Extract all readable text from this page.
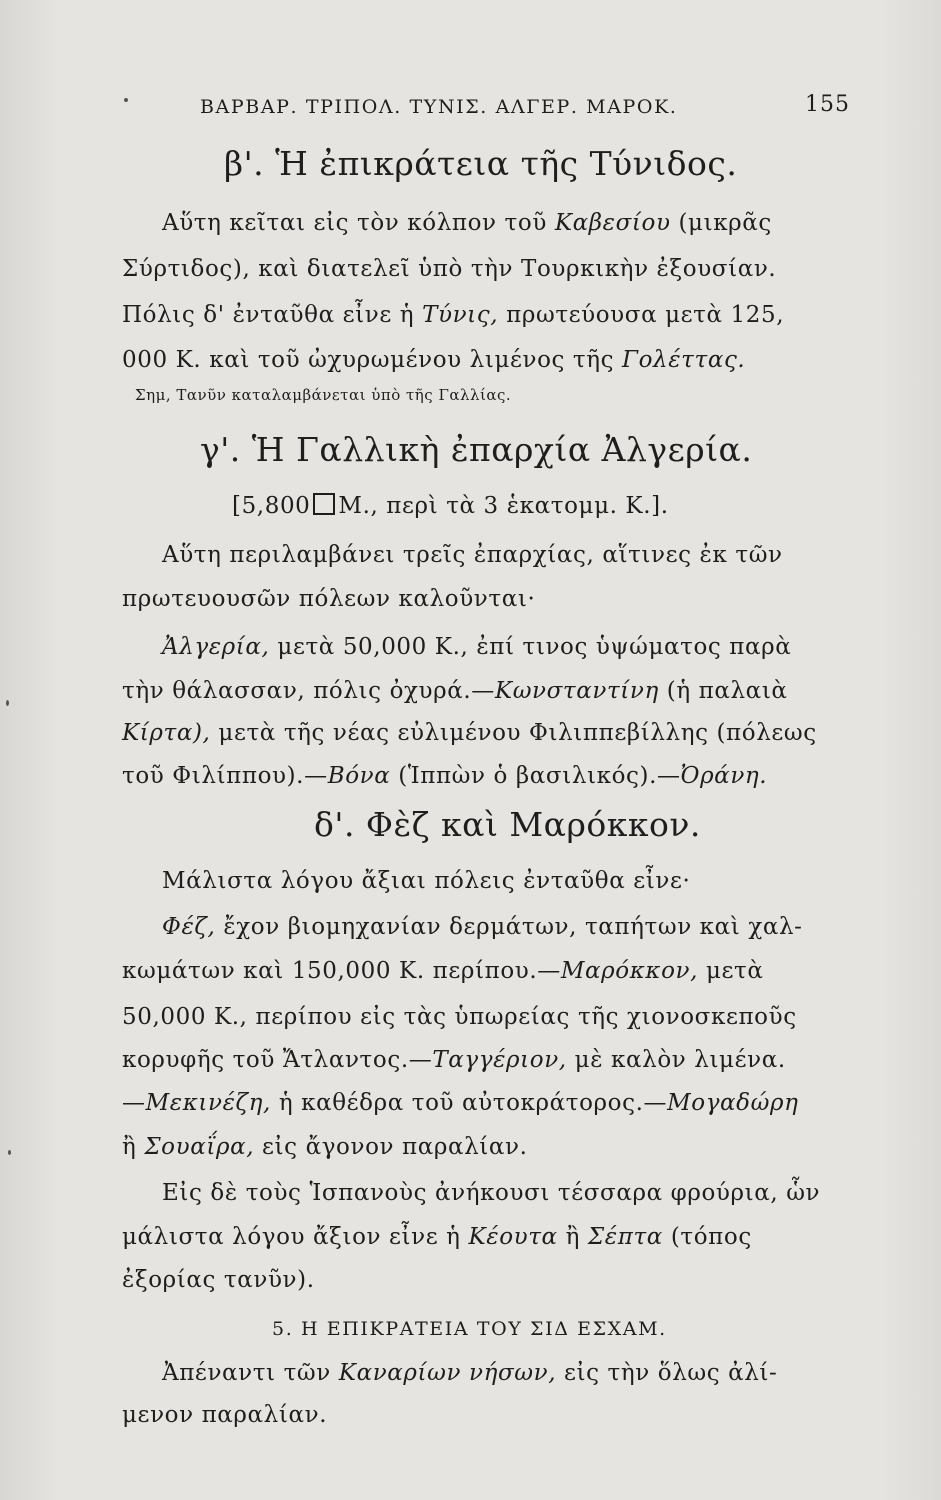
ΒΑΡΒΑΡ. ΤΡΙΠΟΛ. ΤΥΝΙΣ. ΑΛΓΕΡ. ΜΑΡΟΚ.	155
β'. Ἡ ἐπικράτεια τῆς Τύνιδος.
Αὕτη κεῖται εἰς τὸν κόλπον τοῦ Καβεσίου (μικρᾶς
Σύρτιδος), καὶ διατελεῖ ὑπὸ τὴν Τουρκικὴν ἐξουσίαν.
Πόλις δ' ἐνταῦθα εἶνε ἡ Τύνις, πρωτεύουσα μετὰ 125,
000 Κ. καὶ τοῦ ὠχυρωμένου λιμένος τῆς Γολέττας.
Σημ, Τανῦν καταλαμβάνεται ὑπὸ τῆς Γαλλίας.
γ'. Ἡ Γαλλικὴ ἐπαρχία Ἀλγερία.
[5,800 Μ., περὶ τὰ 3 ἑκατομμ. Κ.].
Αὕτη περιλαμβάνει τρεῖς ἐπαρχίας, αἵτινες ἐκ τῶν
πρωτευουσῶν πόλεων καλοῦνται·
Ἀλγερία, μετὰ 50,000 Κ., ἐπί τινος ὑψώματος παρὰ
τὴν θάλασσαν, πόλις ὀχυρά.—Κωνσταντίνη (ἡ παλαιὰ
Κίρτα), μετὰ τῆς νέας εὐλιμένου Φιλιππεβίλλης (πόλεως
τοῦ Φιλίππου).—Βόνα (Ἱππὼν ὁ βασιλικός).—Ὀράνη.
δ'. Φὲζ καὶ Μαρόκκον.
Μάλιστα λόγου ἄξιαι πόλεις ἐνταῦθα εἶνε·
Φέζ, ἔχον βιομηχανίαν δερμάτων, ταπήτων καὶ χαλ-
κωμάτων καὶ 150,000 Κ. περίπου.—Μαρόκκον, μετὰ
50,000 Κ., περίπου εἰς τὰς ὑπωρείας τῆς χιονοσκεποῦς
κορυφῆς τοῦ Ἄτλαντος.—Ταγγέριον, μὲ καλὸν λιμένα.
—Μεκινέζη, ἡ καθέδρα τοῦ αὐτοκράτορος.—Μογαδώρη
ἢ Σουαΐρα, εἰς ἄγονον παραλίαν.
Εἰς δὲ τοὺς Ἱσπανοὺς ἀνήκουσι τέσσαρα φρούρια, ὧν
μάλιστα λόγου ἄξιον εἶνε ἡ Κέουτα ἢ Σέπτα (τόπος
ἐξορίας τανῦν).
5. Η ΕΠΙΚΡΑΤΕΙΑ ΤΟΥ ΣΙΔ ΕΣΧΑΜ.
Ἀπέναντι τῶν Καναρίων νήσων, εἰς τὴν ὅλως ἀλί-
μενον παραλίαν.
